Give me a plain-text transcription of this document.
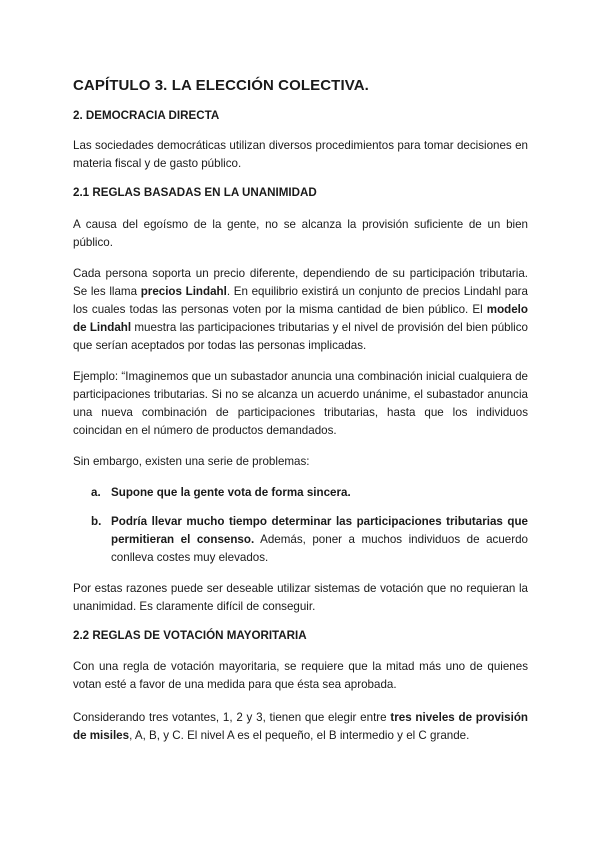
CAPÍTULO 3. LA ELECCIÓN COLECTIVA.
2. DEMOCRACIA DIRECTA

Las sociedades democráticas utilizan diversos procedimientos para tomar decisiones en materia fiscal y de gasto público.

2.1 REGLAS BASADAS EN LA UNANIMIDAD

A causa del egoísmo de la gente, no se alcanza la provisión suficiente de un bien público.

Cada persona soporta un precio diferente, dependiendo de su participación tributaria. Se les llama precios Lindahl. En equilibrio existirá un conjunto de precios Lindahl para los cuales todas las personas voten por la misma cantidad de bien público. El modelo de Lindahl muestra las participaciones tributarias y el nivel de provisión del bien público que serían aceptados por todas las personas implicadas.

Ejemplo: “Imaginemos que un subastador anuncia una combinación inicial cualquiera de participaciones tributarias. Si no se alcanza un acuerdo unánime, el subastador anuncia una nueva combinación de participaciones tributarias, hasta que los individuos coincidan en el número de productos demandados.

Sin embargo, existen una serie de problemas:

a. Supone que la gente vota de forma sincera.

b. Podría llevar mucho tiempo determinar las participaciones tributarias que permitieran el consenso. Además, poner a muchos individuos de acuerdo conlleva costes muy elevados.

Por estas razones puede ser deseable utilizar sistemas de votación que no requieran la unanimidad. Es claramente difícil de conseguir.

2.2 REGLAS DE VOTACIÓN MAYORITARIA

Con una regla de votación mayoritaria, se requiere que la mitad más uno de quienes votan esté a favor de una medida para que ésta sea aprobada.

Considerando tres votantes, 1, 2 y 3, tienen que elegir entre tres niveles de provisión de misiles, A, B, y C. El nivel A es el pequeño, el B intermedio y el C grande.
